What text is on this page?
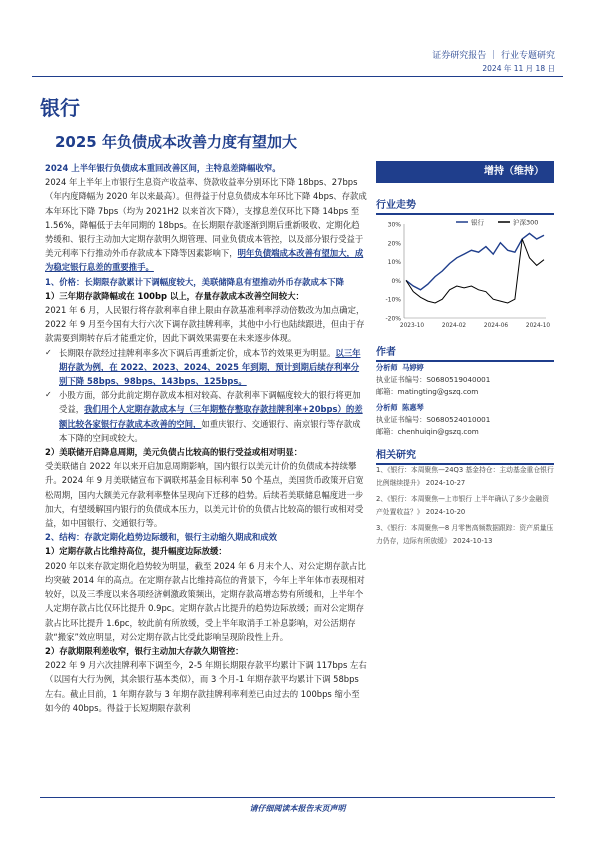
证券研究报告 ｜ 行业专题研究
2024 年 11 月 18 日
银行
2025 年负债成本改善力度有望加大

2024 上半年银行负债成本重回改善区间，主特息差降幅收窄。

2024 年上半年上市银行生息资产收益率、贷款收益率分别环比下降 18bps、27bps（年内度降幅为 2020 年以来最高）。但得益于付息负债成本年环比下降 4bps、存款成本年环比下降 7bps（均为 2021H2 以来首次下降），支撑息差仅环比下降 14bps 至 1.56%，降幅低于去年同期的 18bps。在长期限存款逐渐到期后重新吸收、定期化趋势缓和、银行主动加大定期存款明久期管理、同业负债成本管控，以及部分银行受益于美元利率下行推动外币存款成本下降等因素影响下，明年负债端成本改善有望加大，成为稳定银行息差的重要推手。

1、价格：长期限存款累计下调幅度较大，美联储降息有望推动外币存款成本下降

1）三年期存款降幅或在 100bp 以上，存量存款成本改善空间较大：

2021 年 6 月，人民银行将存款利率自律上限由存款基准利率浮动倍数改为加点确定，2022 年 9 月至今国有大行六次下调存款挂牌利率，其他中小行也陆续跟进，但由于存款需要到期转存后才能重定价，因此下调效果需要在未来逐步体现。

✓ 长期限存款经过挂牌利率多次下调后再重新定价，成本节约效果更为明显。以三年期存款为例，在 2022、2023、2024、2025 年到期，预计到期后续存利率分别下降 58bps、98bps、143bps、125bps。

✓ 小股方面，部分此前定期存款成本相对较高、存款利率下调幅度较大的银行将更加受益，我们用个人定期存款成本与（三年期整存整取存款挂牌利率+20bps）的差额比较各家银行存款成本改善的空间，如重庆银行、交通银行、南京银行等存款成本下降的空间或较大。

2）美联储开启降息周期，美元负债占比较高的银行受益或相对明显：

受美联储自 2022 年以来开启加息周期影响，国内银行以美元计价的负债成本持续攀升。2024 年 9 月美联储宣布下调联邦基金目标利率 50 个基点，美国货币政策开启宽松周期，国内大额美元存款利率整体呈现向下迁移的趋势。后续若美联储息幅度进一步加大，有望缓解国内银行的负债成本压力，以美元计价的负债占比较高的银行或相对受益，如中国银行、交通银行等。

2、结构：存款定期化趋势边际缓和，银行主动缩久期成和成效

1）定期存款占比维持高位，提升幅度边际放缓：

2020 年以来存款定期化趋势较为明显，截至 2024 年 6 月末个人、对公定期存款占比均突破 2014 年的高点。在定期存款占比维持高位的背景下，今年上半年体市表现相对较好，以及三季度以来各项经济刺激政策频出，定期存款高增态势有所缓和，上半年个人定期存款占比仅环比提升 0.9pc。定期存款占比提升的趋势边际放缓；而对公定期存款占比环比提升 1.6pc，较此前有所放缓，受上半年取消手工补息影响，对公活期存款“搬家”效应明显，对公定期存款占比受此影响呈现阶段性上升。

2）存款期限利差收窄，银行主动加大存款久期管控：

2022 年 9 月六次挂牌利率下调至今，2-5 年期长期限存款平均累计下调 117bps 左右（以国有大行为例，其余银行基本类似），而 3 个月-1 年期存款平均累计下调 58bps 左右。截止目前，1 年期存款与 3 年期存款挂牌利率利差已由过去的 100bps 缩小至如今的 40bps。得益于长短期限存款利

增持（维持）
行业走势
30%
20%
10%
0%
-10%
-20%
2023-10	2024-02	2024-06	2024-10
银行	沪深300
作者
分析师 马婷婷
执业证书编号：S0680519040001
邮箱：matingting@gszq.com
分析师 陈惠琴
执业证书编号：S0680524010001
邮箱：chenhuiqin@gszq.com
相关研究
1、《银行：本周聚焦—24Q3 基金持仓：主动基金重仓银行比例继续提升》 2024-10-27
2、《银行：本周聚焦—上市银行 上半年确认了多少金融资产处置收益？》 2024-10-20
3、《银行：本周聚焦—8 月零售高频数据跟踪：资产质量压力仍存，边际有所放缓》 2024-10-13
请仔细阅读本报告末页声明
